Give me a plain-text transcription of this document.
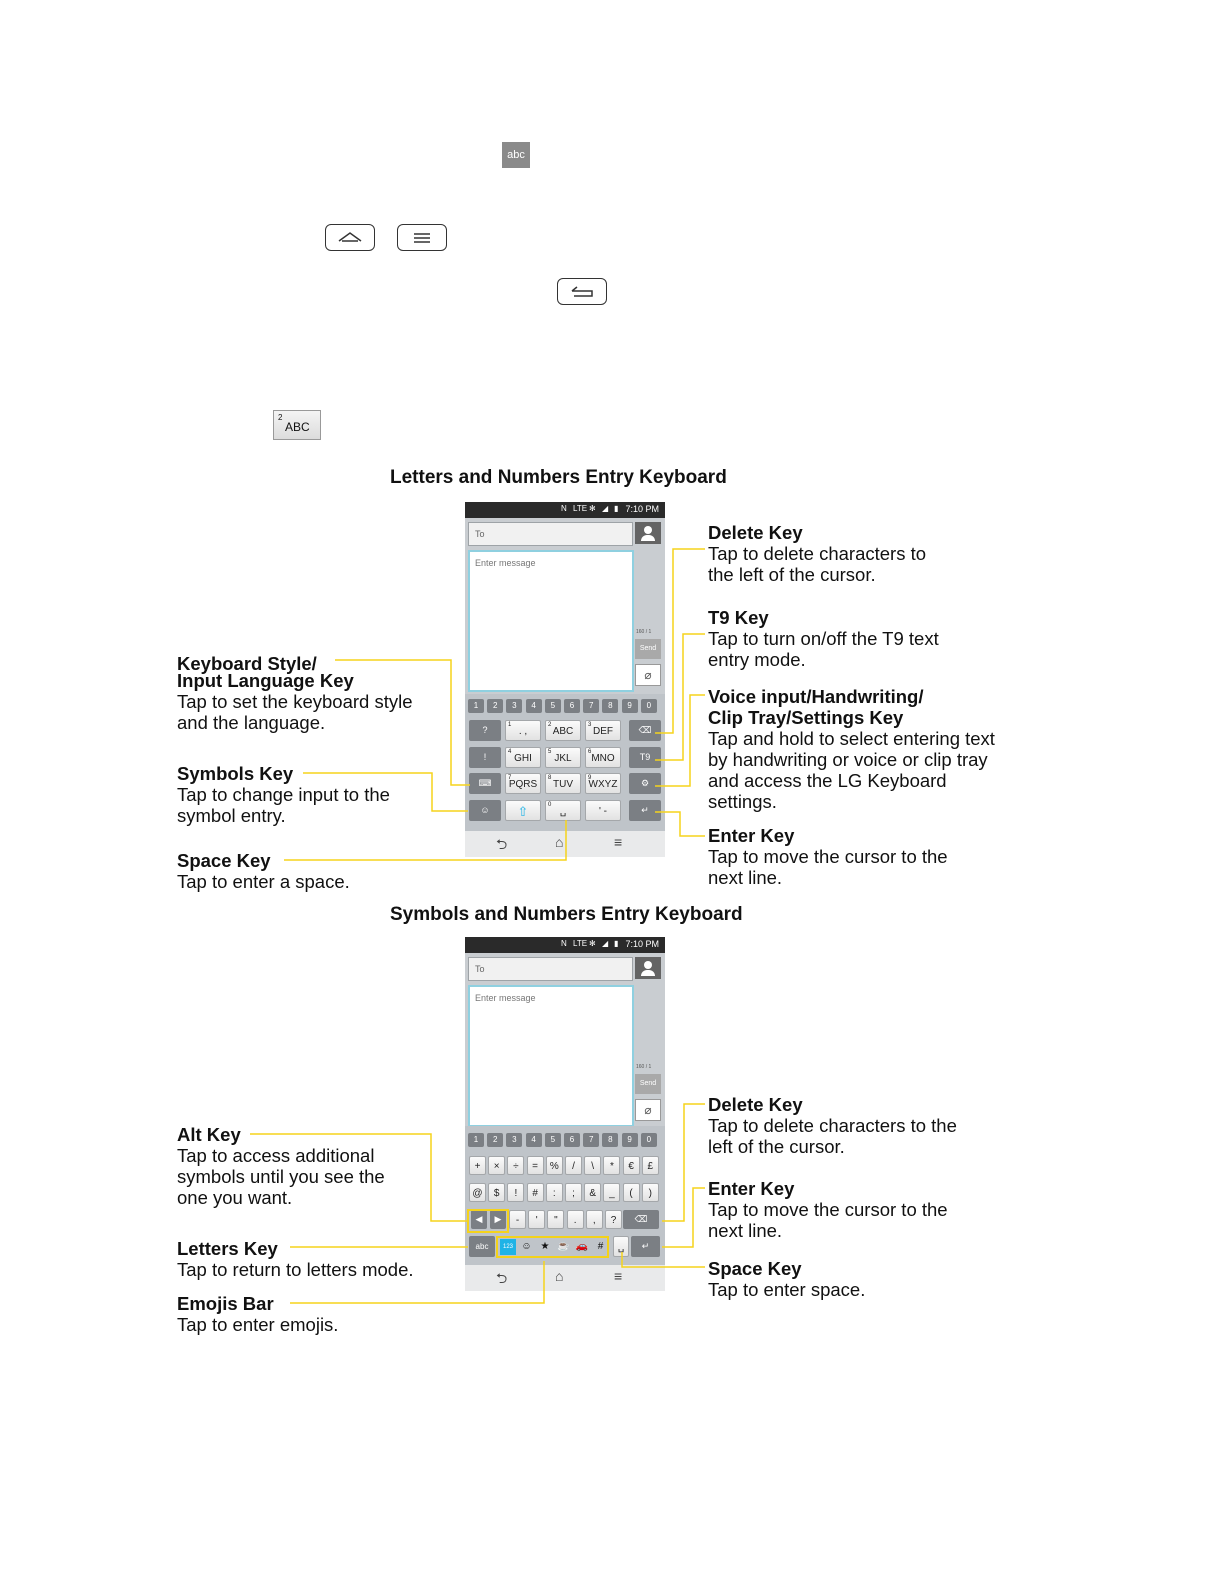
abc
2
ABC
Letters and Numbers Entry Keyboard
N LTE ✻ ◢ ▮ 7:10 PM
To
Enter message
160 / 1
Send
⌀
1	2	3	4	5	6	7	8	9	0
?	1
. ,
2
ABC
3
DEF	⌫
!	4
GHI
5
JKL
6
MNO	T9
⌨	7
PQRS
8
TUV
9
WXYZ	⚙
☺	⇧	0
␣	' -	↵
⮌	⌂	≡
Keyboard Style/
Input Language Key
Tap to set the keyboard style
and the language.
Symbols Key
Tap to change input to the
symbol entry.
Space Key
Tap to enter a space.
Delete Key
Tap to delete characters to
the left of the cursor.
T9 Key
Tap to turn on/off the T9 text
entry mode.
Voice input/Handwriting/
Clip Tray/Settings Key
Tap and hold to select entering text
by handwriting or voice or clip tray
and access the LG Keyboard
settings.
Enter Key
Tap to move the cursor to the
next line.
Symbols and Numbers Entry Keyboard
N LTE ✻ ◢ ▮ 7:10 PM
To
Enter message
160 / 1
Send
⌀
1	2	3	4	5	6	7	8	9	0
+	×	÷	=	%	/	\	*	€	£
@	$	!	#	:	;	&	_	(	)
◀	▶	-	'	"	.	,	?	⌫
abc	123 ☺ ★ ☕ 🚗 #	␣	↵
⮌	⌂	≡
Alt Key
Tap to access additional
symbols until you see the
one you want.
Letters Key
Tap to return to letters mode.
Emojis Bar
Tap to enter emojis.
Delete Key
Tap to delete characters to the
left of the cursor.
Enter Key
Tap to move the cursor to the
next line.
Space Key
Tap to enter space.
